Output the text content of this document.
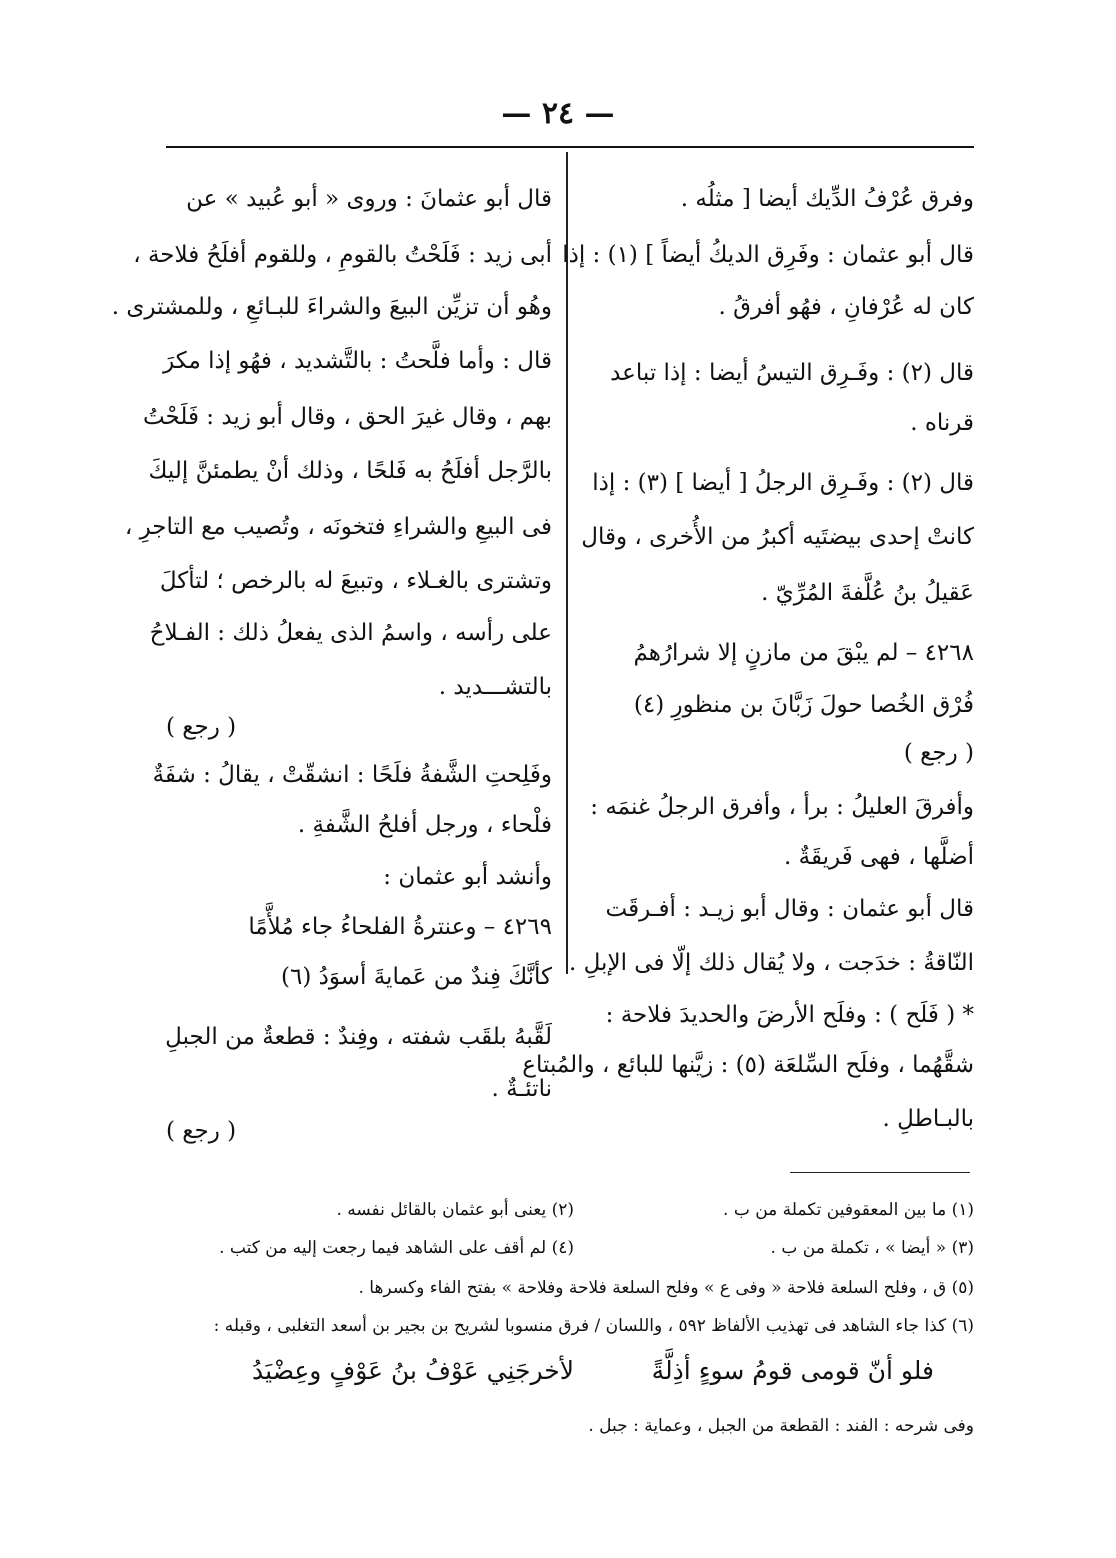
— ٢٤ —
وفرق عُرْفُ الدِّيك أيضا [ مثلُه .
قال أبو عثمان : وفَرِق الديكُ أيضاً ] (١) : إذا
كان له عُرْفانِ ، فهُو أفرقُ .
قال (٢) : وفَـرِق التيسُ أيضا : إذا تباعد
قرناه .
قال (٢) : وفَـرِق الرجلُ [ أيضا ] (٣) : إذا
كانتْ إحدى بيضتَيه أكبرُ من الأُخرى ، وقال
عَقيلُ بنُ عُلَّفةَ المُرِّيّ .
٤٢٦٨ – لم يبْقَ من مازنٍ إلا شرارُهمُ
فُرْق الخُصا حولَ زَبَّانَ بن منظورِ (٤)
( رجع )
وأفرقَ العليلُ : برأ ، وأفرق الرجلُ غنمَه :
أضلَّها ، فهى فَريقَةٌ .
قال أبو عثمان : وقال أبو زيـد : أفـرقَت
النّاقةُ : خدَجت ، ولا يُقال ذلك إلّا فى الإبلِ .
* ( فَلَح ) : وفلَح الأرضَ والحديدَ فلاحة :
شقَّهُما ، وفلَح السِّلعَة (٥) : زيَّنها للبائع ، والمُبتاع
بالبـاطلِ .
قال أبو عثمانَ : وروى « أبو عُبيد » عن
أبى زيد : فَلَحْتُ بالقومِ ، وللقوم أفلَحُ فلاحة ،
وهُو أن تزيِّن البيعَ والشراءَ للبـائعِ ، وللمشترى .
قال : وأما فلَّحتُ : بالتَّشديد ، فهُو إذا مكرَ
بهم ، وقال غيرَ الحق ، وقال أبو زيد : فَلَحْتُ
بالرَّجل أفلَحُ به فَلحًا ، وذلك أنْ يطمئنَّ إليكَ
فى البيعِ والشراءِ فتخونَه ، وتُصيب مع التاجرِ ،
وتشترى بالغـلاء ، وتبيعَ له بالرخص ؛ لتأكلَ
على رأسه ، واسمُ الذى يفعلُ ذلك : الفـلاحُ
بالتشـــديد .
( رجع )
وفَلِحتِ الشَّفةُ فلَحًا : انشقّتْ ، يقالُ : شفَةٌ
فلْحاء ، ورجل أفلحُ الشَّفةِ .
وأنشد أبو عثمان :
٤٢٦٩ – وعنترةُ الفلحاءُ جاء مُلأَّمًا
كأنَّكَ فِندٌ من عَمايةَ أسوَدُ (٦)
لَقَّبهُ بلقَب شفته ، وفِندٌ : قطعةٌ من الجبلِ
ناتئـةٌ .
( رجع )
(١) ما بين المعقوفين تكملة من ب .
(٢) يعنى أبو عثمان بالقائل نفسه .
(٣) « أيضا » ، تكملة من ب .
(٤) لم أقف على الشاهد فيما رجعت إليه من كتب .
(٥) ق ، وفلح السلعة فلاحة « وفى ع » وفلح السلعة فلاحة وفلاحة » بفتح الفاء وكسرها .
(٦) كذا جاء الشاهد فى تهذيب الألفاظ ٥٩٢ ، واللسان / فرق منسوبا لشريح بن بجير بن أسعد التغلبى ، وقبله :
فلو أنّ قومى قومُ سوءٍ أذِلَّةً
لأخرجَنِي عَوْفُ بنُ عَوْفٍ وعِضْيَدُ
وفى شرحه : الفند : القطعة من الجبل ، وعماية : جبل .
